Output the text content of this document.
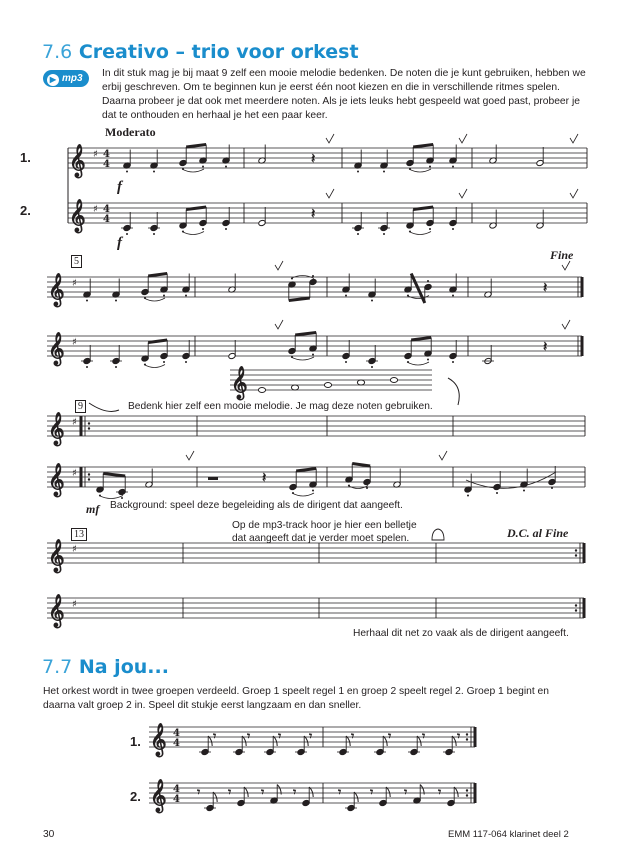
7.6 Creativo – trio voor orkest
▶ mp3	In dit stuk mag je bij maat 9 zelf een mooie melodie bedenken. De noten die je kunt gebruiken, hebben we erbij geschreven. Om te beginnen kun je eerst één noot kiezen en die in verschillende ritmes spelen. Daarna probeer je dat ook met meerdere noten. Als je iets leuks hebt gespeeld wat goed past, probeer je dat te onthouden en herhaal je het een paar keer.
Moderato
1.
2.
f
f
5	Fine
9	Bedenk hier zelf een mooie melodie. Je mag deze noten gebruiken.
mf Background: speel deze begeleiding als de dirigent dat aangeeft.
13
Op de mp3-track hoor je hier een belletje
dat aangeeft dat je verder moet spelen.	D.C. al Fine
Herhaal dit net zo vaak als de dirigent aangeeft.
7.7 Na jou...
Het orkest wordt in twee groepen verdeeld. Groep 1 speelt regel 1 en groep 2 speelt regel 2. Groep 1 begint en daarna valt groep 2 in. Speel dit stukje eerst langzaam en dan sneller.
1.
2.
30	EMM 117-064 klarinet deel 2
𝄞 ♯ 4
4	𝄽
𝄞 ♯ 4
4	𝄽
𝄞 ♯	𝄽
𝄞 ♯	𝄽
𝄞
𝄞 ♯
𝄞 ♯	𝄽
𝄞 ♯
𝄞 ♯
𝄞 4
4
𝄾	𝄾 𝄾 𝄾	𝄾	𝄾	𝄾	𝄾
𝄞 4
4
𝄾 𝄾 𝄾 𝄾	𝄾 𝄾	𝄾	𝄾
